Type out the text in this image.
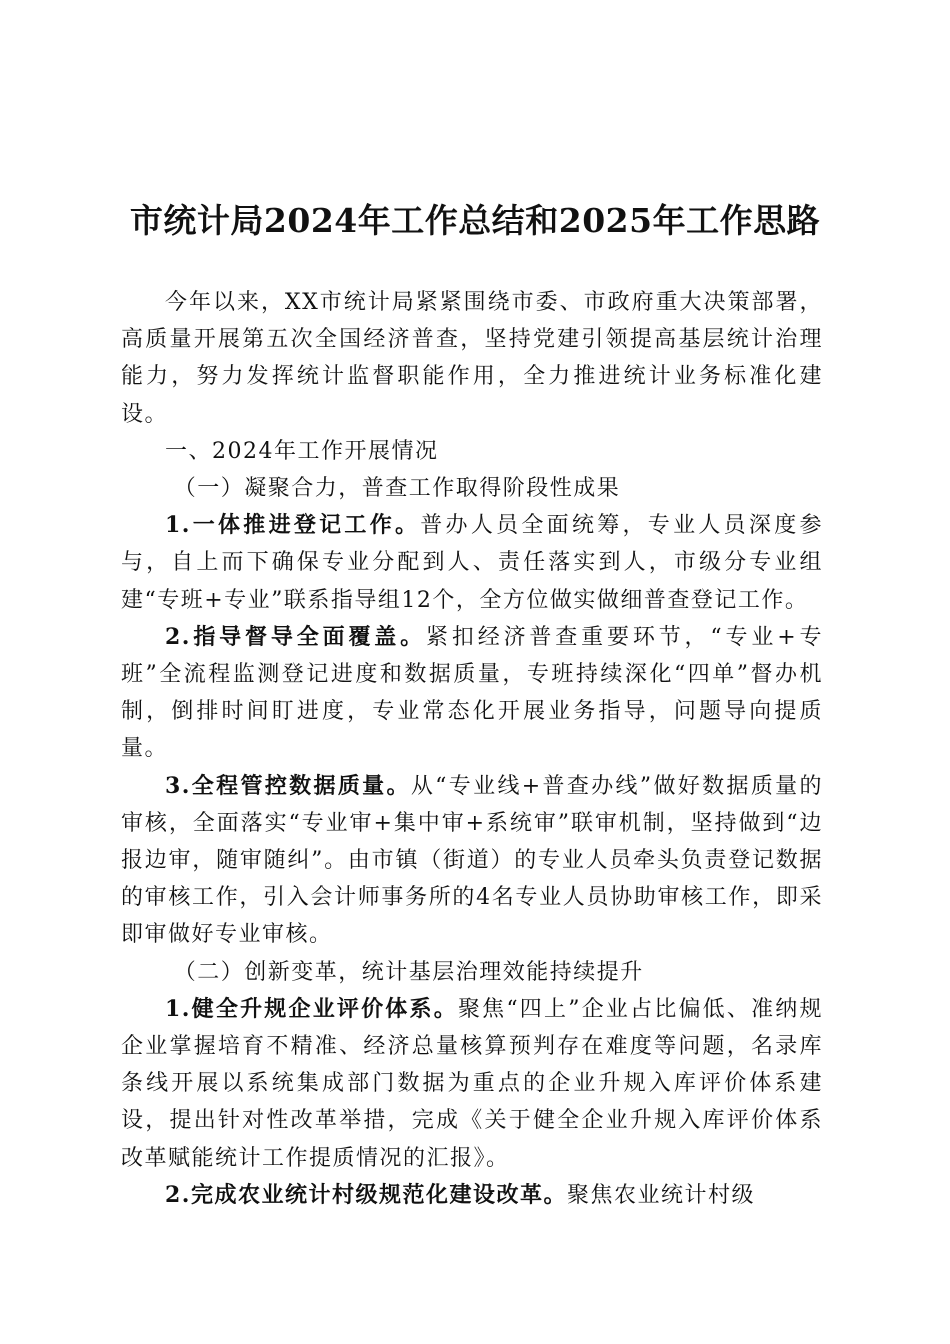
市统计局2024年工作总结和2025年工作思路

今年以来，XX市统计局紧紧围绕市委、市政府重大决策部署，高质量开展第五次全国经济普查，坚持党建引领提高基层统计治理能力，努力发挥统计监督职能作用，全力推进统计业务标准化建设。

一、2024年工作开展情况

（一）凝聚合力，普查工作取得阶段性成果

1.一体推进登记工作。普办人员全面统筹，专业人员深度参与，自上而下确保专业分配到人、责任落实到人，市级分专业组建“专班+专业”联系指导组12个，全方位做实做细普查登记工作。

2.指导督导全面覆盖。紧扣经济普查重要环节，“专业+专班”全流程监测登记进度和数据质量，专班持续深化“四单”督办机制，倒排时间盯进度，专业常态化开展业务指导，问题导向提质量。

3.全程管控数据质量。从“专业线+普查办线”做好数据质量的审核，全面落实“专业审+集中审+系统审”联审机制，坚持做到“边报边审，随审随纠”。由市镇（街道）的专业人员牵头负责登记数据的审核工作，引入会计师事务所的4名专业人员协助审核工作，即采即审做好专业审核。

（二）创新变革，统计基层治理效能持续提升

1.健全升规企业评价体系。聚焦“四上”企业占比偏低、准纳规企业掌握培育不精准、经济总量核算预判存在难度等问题，名录库条线开展以系统集成部门数据为重点的企业升规入库评价体系建设，提出针对性改革举措，完成《关于健全企业升规入库评价体系改革赋能统计工作提质情况的汇报》。

2.完成农业统计村级规范化建设改革。聚焦农业统计村级
